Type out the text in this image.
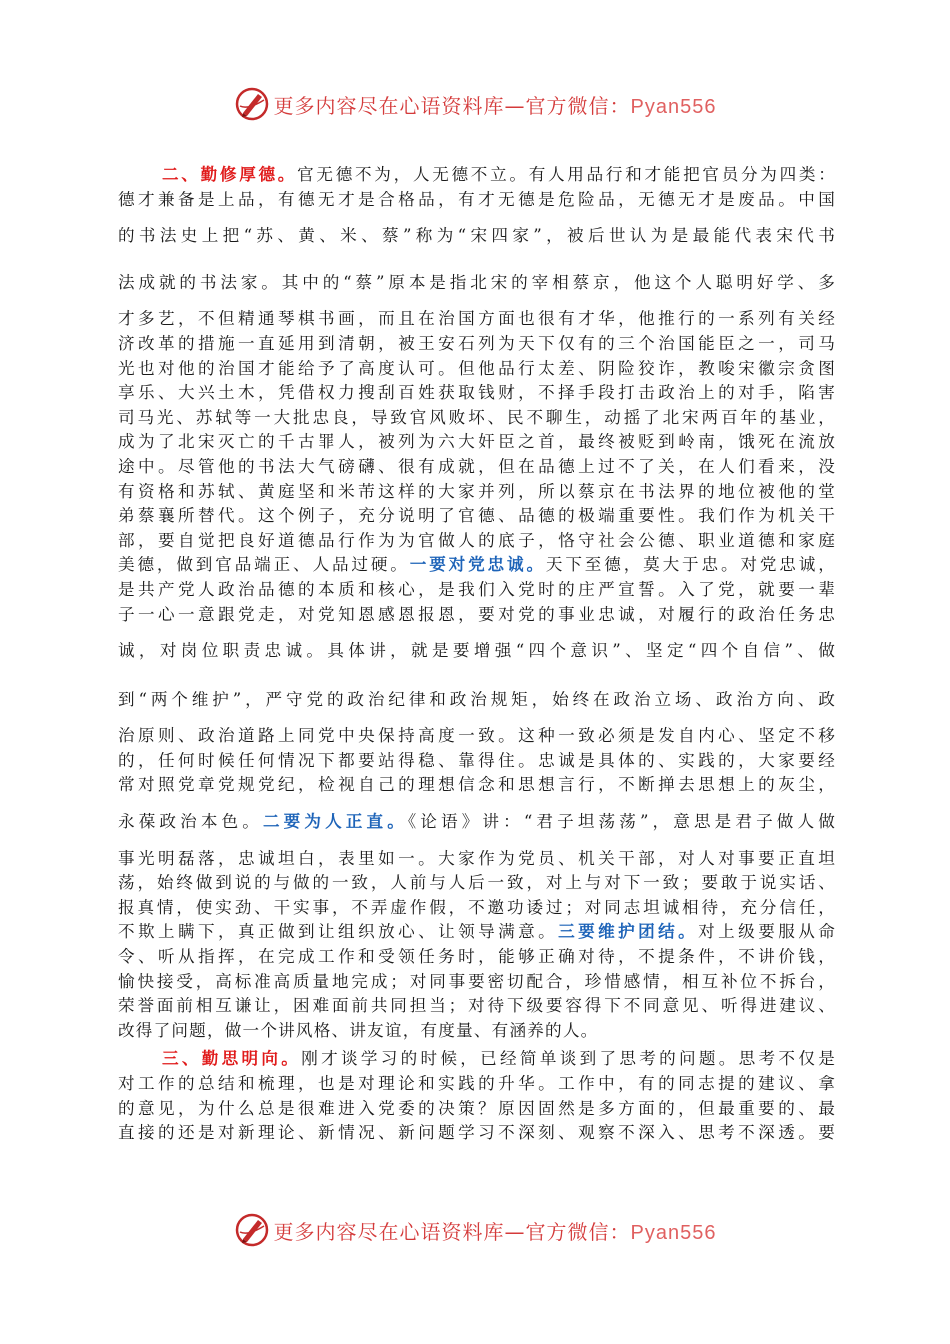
更多内容尽在心语资料库—官方微信：Pyan556
二、勤修厚德。官无德不为，人无德不立。有人用品行和才能把官员分为四类：
德才兼备是上品，有德无才是合格品，有才无德是危险品，无德无才是废品。中国
的书法史上把“苏、黄、米、蔡”称为“宋四家”，被后世认为是最能代表宋代书
法成就的书法家。其中的“蔡”原本是指北宋的宰相蔡京，他这个人聪明好学、多
才多艺，不但精通琴棋书画，而且在治国方面也很有才华，他推行的一系列有关经
济改革的措施一直延用到清朝，被王安石列为天下仅有的三个治国能臣之一，司马
光也对他的治国才能给予了高度认可。但他品行太差、阴险狡诈，教唆宋徽宗贪图
享乐、大兴土木，凭借权力搜刮百姓获取钱财，不择手段打击政治上的对手，陷害
司马光、苏轼等一大批忠良，导致官风败坏、民不聊生，动摇了北宋两百年的基业，
成为了北宋灭亡的千古罪人，被列为六大奸臣之首，最终被贬到岭南，饿死在流放
途中。尽管他的书法大气磅礴、很有成就，但在品德上过不了关，在人们看来，没
有资格和苏轼、黄庭坚和米芾这样的大家并列，所以蔡京在书法界的地位被他的堂
弟蔡襄所替代。这个例子，充分说明了官德、品德的极端重要性。我们作为机关干
部，要自觉把良好道德品行作为为官做人的底子，恪守社会公德、职业道德和家庭
美德，做到官品端正、人品过硬。一要对党忠诚。天下至德，莫大于忠。对党忠诚，
是共产党人政治品德的本质和核心，是我们入党时的庄严宣誓。入了党，就要一辈
子一心一意跟党走，对党知恩感恩报恩，要对党的事业忠诚，对履行的政治任务忠
诚，对岗位职责忠诚。具体讲，就是要增强“四个意识”、坚定“四个自信”、做
到“两个维护”，严守党的政治纪律和政治规矩，始终在政治立场、政治方向、政
治原则、政治道路上同党中央保持高度一致。这种一致必须是发自内心、坚定不移
的，任何时候任何情况下都要站得稳、靠得住。忠诚是具体的、实践的，大家要经
常对照党章党规党纪，检视自己的理想信念和思想言行，不断掸去思想上的灰尘，
永葆政治本色。二要为人正直。《论语》讲：“君子坦荡荡”，意思是君子做人做
事光明磊落，忠诚坦白，表里如一。大家作为党员、机关干部，对人对事要正直坦
荡，始终做到说的与做的一致，人前与人后一致，对上与对下一致；要敢于说实话、
报真情，使实劲、干实事，不弄虚作假，不邀功诿过；对同志坦诚相待，充分信任，
不欺上瞒下，真正做到让组织放心、让领导满意。三要维护团结。对上级要服从命
令、听从指挥，在完成工作和受领任务时，能够正确对待，不提条件，不讲价钱，
愉快接受，高标准高质量地完成；对同事要密切配合，珍惜感情，相互补位不拆台，
荣誉面前相互谦让，困难面前共同担当；对待下级要容得下不同意见、听得进建议、
改得了问题，做一个讲风格、讲友谊，有度量、有涵养的人。
三、勤思明向。刚才谈学习的时候，已经简单谈到了思考的问题。思考不仅是
对工作的总结和梳理，也是对理论和实践的升华。工作中，有的同志提的建议、拿
的意见，为什么总是很难进入党委的决策？原因固然是多方面的，但最重要的、最
直接的还是对新理论、新情况、新问题学习不深刻、观察不深入、思考不深透。要
更多内容尽在心语资料库—官方微信：Pyan556
